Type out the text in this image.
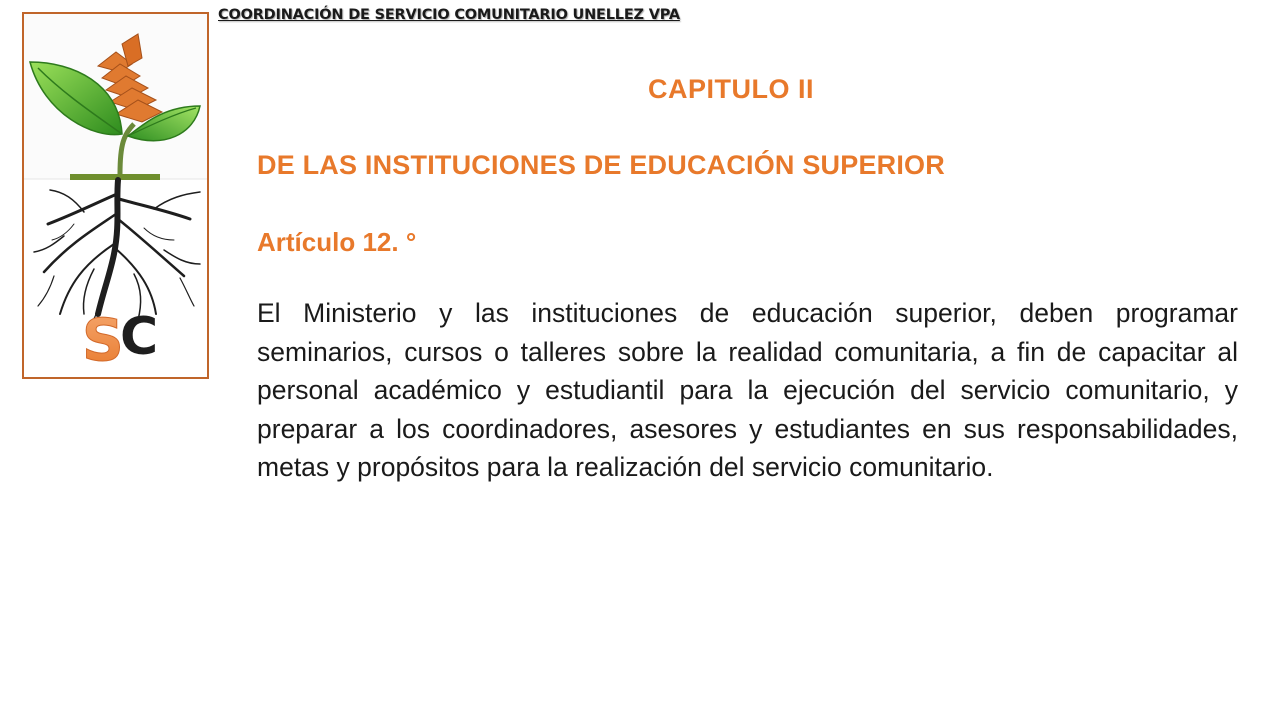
COORDINACIÓN DE SERVICIO COMUNITARIO UNELLEZ VPA
S
C
CAPITULO II
DE LAS INSTITUCIONES DE EDUCACIÓN SUPERIOR
Artículo 12. °

El Ministerio y las instituciones de educación superior, deben programar seminarios, cursos o talleres sobre la realidad comunitaria, a fin de capacitar al personal académico y estudiantil para la ejecución del servicio comunitario, y preparar a los coordinadores, asesores y estudiantes en sus responsabilidades, metas y propósitos para la realización del servicio comunitario.
